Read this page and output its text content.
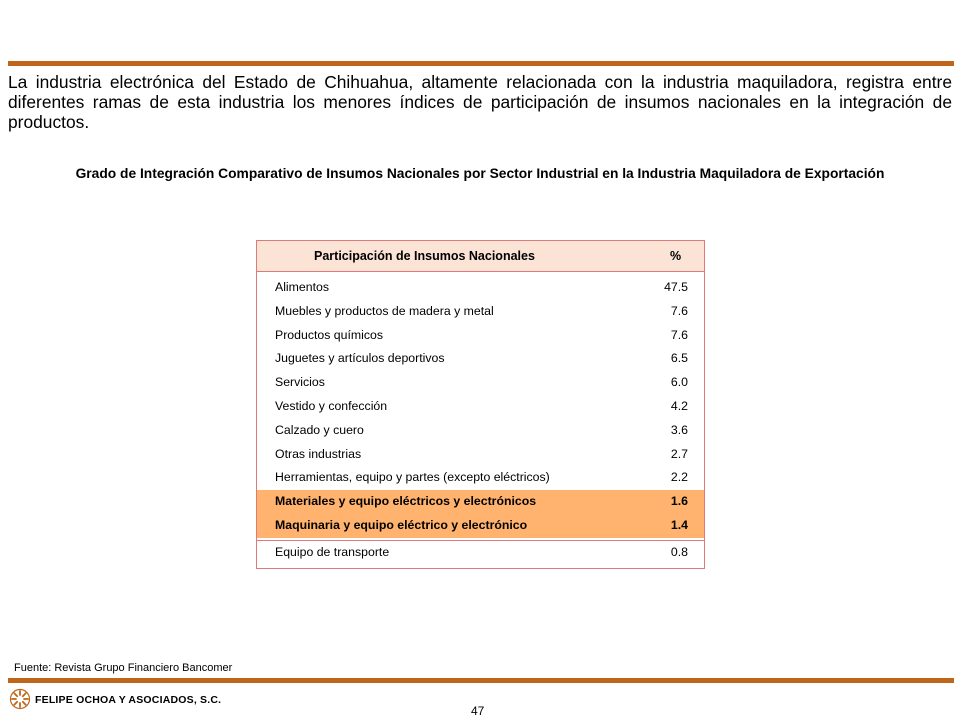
La industria electrónica del Estado de Chihuahua, altamente relacionada con la industria maquiladora, registra entre diferentes ramas de esta industria los menores índices de participación de insumos nacionales en la integración de productos.

Grado de Integración Comparativo de Insumos Nacionales por Sector Industrial en la Industria Maquiladora de Exportación
Participación de Insumos Nacionales	%
Alimentos	47.5
Muebles y productos de madera y metal	7.6
Productos químicos	7.6
Juguetes y artículos deportivos	6.5
Servicios	6.0
Vestido y confección	4.2
Calzado y cuero	3.6
Otras industrias	2.7
Herramientas, equipo y partes (excepto eléctricos)	2.2
Materiales y equipo eléctricos y electrónicos	1.6
Maquinaria y equipo eléctrico y electrónico	1.4
Equipo de transporte	0.8
Fuente: Revista Grupo Financiero Bancomer
FELIPE OCHOA Y ASOCIADOS, S.C.
47
